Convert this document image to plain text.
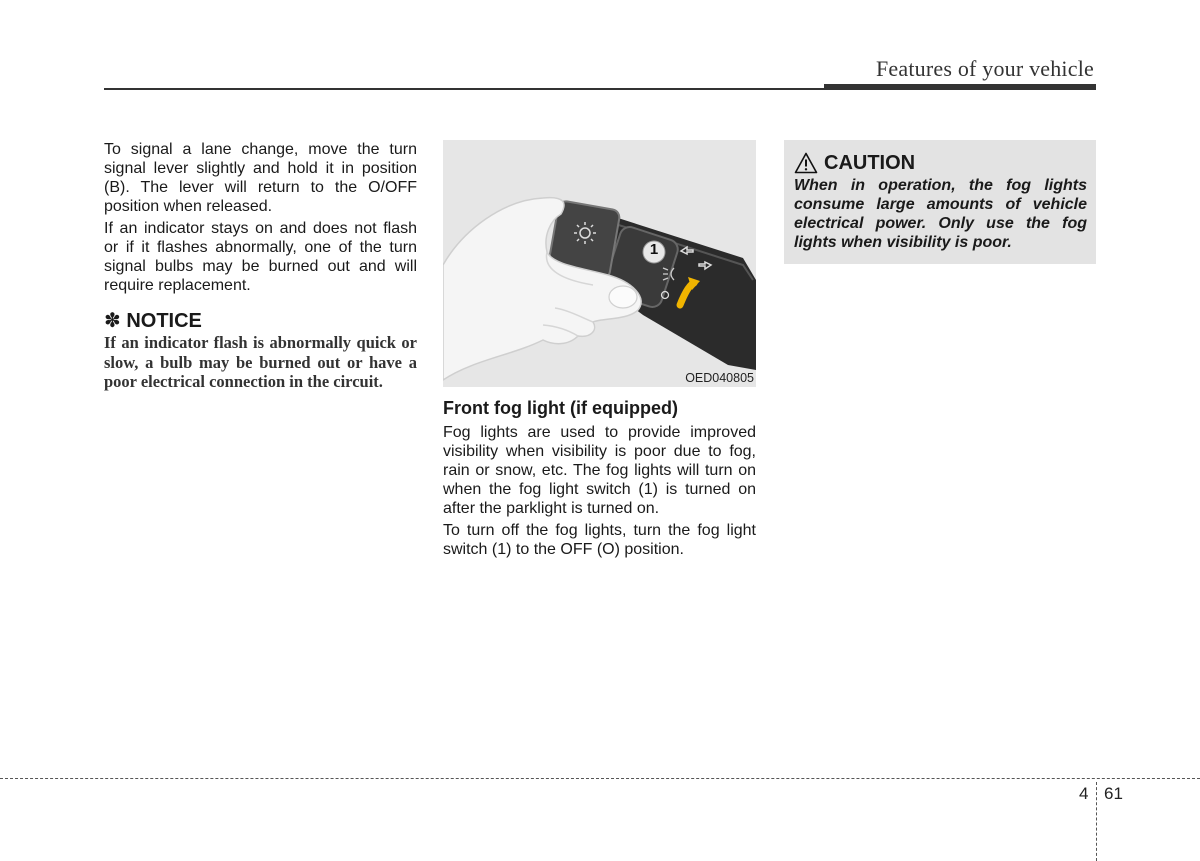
Features of your vehicle

To signal a lane change, move the turn signal lever slightly and hold it in position (B). The lever will return to the O/OFF position when released.

If an indicator stays on and does not flash or if it flashes abnormally, one of the turn signal bulbs may be burned out and will require replacement.

✽ NOTICE

If an indicator flash is abnormally quick or slow, a bulb may be burned out or have a poor electrical connection in the circuit.

1
OED040805
Front fog light (if equipped)

Fog lights are used to provide improved visibility when visibility is poor due to fog, rain or snow, etc. The fog lights will turn on when the fog light switch (1) is turned on after the parklight is turned on.

To turn off the fog lights, turn the fog light switch (1) to the OFF (O) position.

CAUTION

When in operation, the fog lights consume large amounts of vehicle electrical power. Only use the fog lights when visibility is poor.

4 61
